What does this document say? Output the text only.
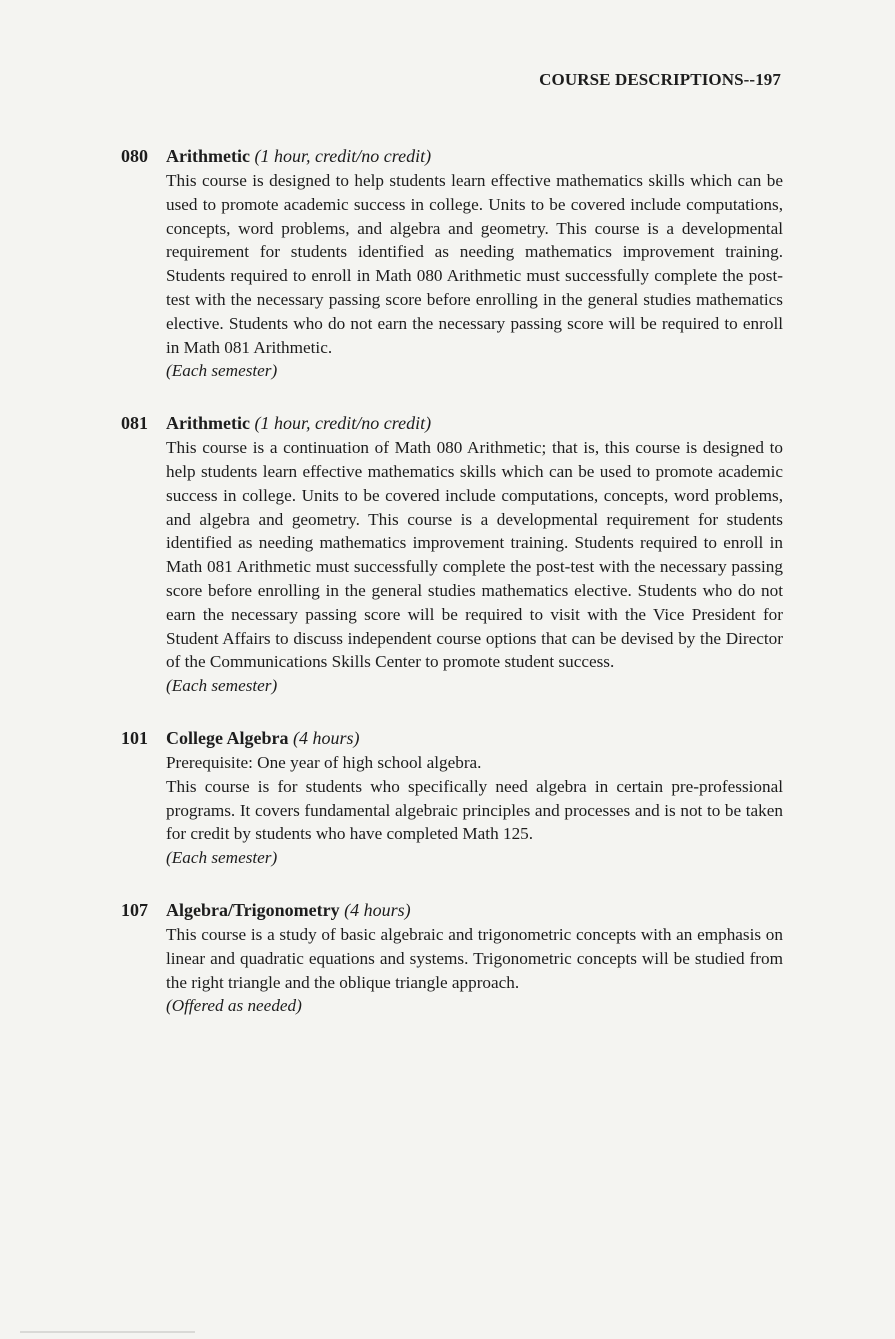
COURSE DESCRIPTIONS--197
080 Arithmetic (1 hour, credit/no credit)

This course is designed to help students learn effective mathematics skills which can be used to promote academic success in college. Units to be covered include computations, concepts, word problems, and algebra and geometry. This course is a developmental requirement for students identified as needing mathematics improvement training. Students required to enroll in Math 080 Arithmetic must successfully complete the post-test with the necessary passing score before enrolling in the general studies mathematics elective. Students who do not earn the necessary passing score will be required to enroll in Math 081 Arithmetic.

(Each semester)

081 Arithmetic (1 hour, credit/no credit)

This course is a continuation of Math 080 Arithmetic; that is, this course is designed to help students learn effective mathematics skills which can be used to promote academic success in college. Units to be covered include computations, concepts, word problems, and algebra and geometry. This course is a developmental requirement for students identified as needing mathematics improvement training. Students required to enroll in Math 081 Arithmetic must successfully complete the post-test with the necessary passing score before enrolling in the general studies mathematics elective. Students who do not earn the necessary passing score will be required to visit with the Vice President for Student Affairs to discuss independent course options that can be devised by the Director of the Communications Skills Center to promote student success.

(Each semester)

101 College Algebra (4 hours)

Prerequisite: One year of high school algebra.

This course is for students who specifically need algebra in certain pre-professional programs. It covers fundamental algebraic principles and processes and is not to be taken for credit by students who have completed Math 125.

(Each semester)

107 Algebra/Trigonometry (4 hours)

This course is a study of basic algebraic and trigonometric concepts with an emphasis on linear and quadratic equations and systems. Trigonometric concepts will be studied from the right triangle and the oblique triangle approach.

(Offered as needed)
